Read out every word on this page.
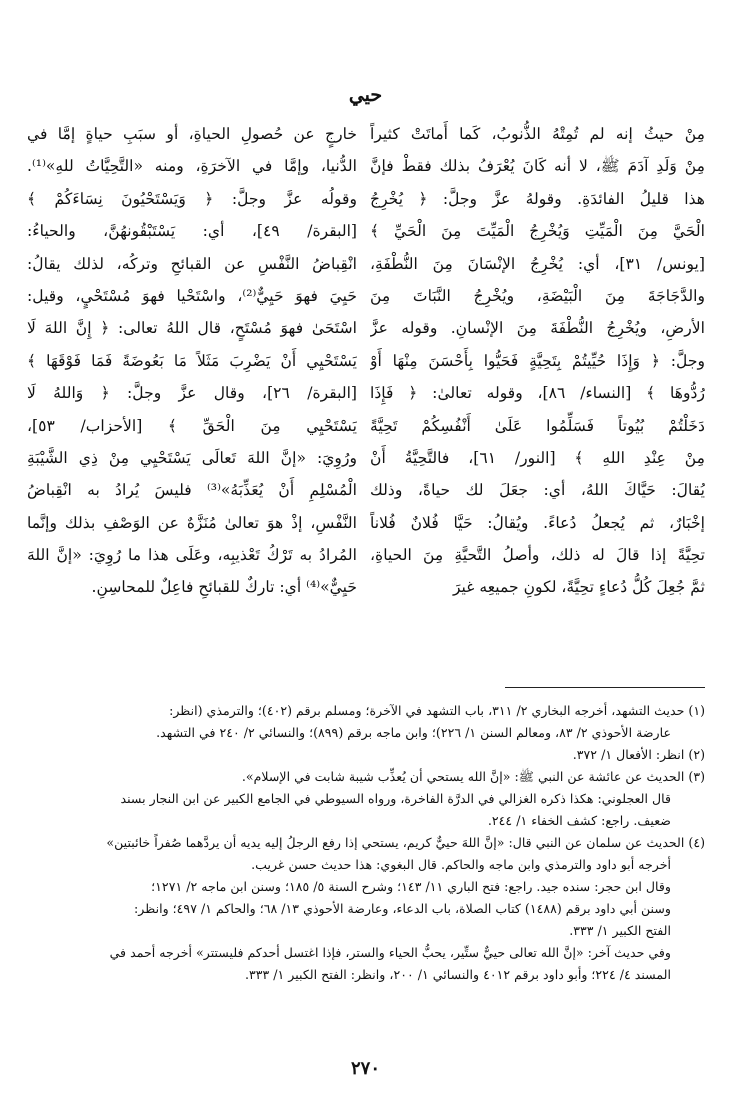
حيي
مِنْ حيثُ إنه لم تُمِتْهُ الذُّنوبُ، كَما أَماتَتْ كثيراً
مِنْ وَلَدِ آدَمَ ﷺ، لا أنه كَانَ يُعْرَفُ بذلك فقطْ فإنَّ
هذا قليلُ الفائدَةِ. وقولهُ عزَّ وجلَّ: ﴿ يُخْرِجُ
الْحَيَّ مِنَ الْمَيِّتِ وَيُخْرِجُ الْمَيِّتَ مِنَ الْحَيِّ ﴾
[يونس/ ٣١]، أي: يُخْرِجُ الإنْسَانَ مِنَ النُّطْفَةِ،
والدَّجَاجَةَ مِنَ الْبَيْضَةِ، ويُخْرِجُ النَّبَاتَ مِنَ
الأرضِ، ويُخْرِجُ النُّطْفَةَ مِنَ الإنْسانِ. وقوله عزَّ
وجلَّ: ﴿ وَإِذَا حُيِّيتُمْ بِتَحِيَّةٍ فَحَيُّوا بِأَحْسَنَ مِنْهَا أَوْ
رُدُّوهَا ﴾ [النساء/ ٨٦]، وقوله تعالىٰ: ﴿ فَإِذَا
دَخَلْتُمْ بُيُوتاً فَسَلِّمُوا عَلَىٰ أَنْفُسِكُمْ تَحِيَّةً
مِنْ عِنْدِ اللهِ ﴾ [النور/ ٦١]، فالتَّحِيَّةُ أَنْ
يُقالَ: حَيَّاكَ اللهُ، أي: جعَلَ لك حياةً، وذلك
إخْبَارٌ، ثم يُجعلُ دُعاءً. ويُقالُ: حَيَّا فُلانٌ فُلاناً
تحِيَّةً إذا قالَ له ذلك، وأصلُ التَّحيَّةِ مِنَ الحياةِ،
ثمَّ جُعِلَ كُلُّ دُعاءٍ تحِيَّةً، لكونِ جميعِه غيرَ
خارجٍ عن حُصولِ الحياةِ، أو سبَبِ حياةٍ إمَّا في
الدُّنيا، وإمَّا في الآخرَةِ، ومنه «التَّحِيَّاتُ للهِ»⁽¹⁾.
وقولُه عزَّ وجلَّ: ﴿ وَيَسْتَحْيُونَ نِسَاءَكُمْ ﴾
[البقرة/ ٤٩]، أي: يَسْتَبْقُونهُنَّ، والحياءُ:
انْقِباضُ النَّفْسِ عن القبائحِ وتركُه، لذلك يقالُ:
حَيِيَ فهوَ حَيِيٌّ⁽²⁾، واسْتَحْيا فهوَ مُسْتَحْيٍ، وقيل:
اسْتَحَىٰ فهوَ مُسْتَحٍ، قال اللهُ تعالى: ﴿ إِنَّ اللهَ لَا
يَسْتَحْيِي أَنْ يَضْرِبَ مَثَلاً مَا بَعُوضَةً فَمَا فَوْقَهَا ﴾
[البقرة/ ٢٦]، وقال عزَّ وجلَّ: ﴿ وَاللهُ لَا
يَسْتَحْيِي مِنَ الْحَقِّ ﴾ [الأحزاب/ ٥٣]،
ورُوِيَ: «إنَّ اللهَ تَعالَى يَسْتَحْيِي مِنْ ذِي الشَّيْبَةِ
الْمُسْلِمِ أَنْ يُعَذِّبَهُ»⁽³⁾ فليسَ يُرادُ به انْقِباضُ
النَّفْسِ، إذْ هوَ تعالىٰ مُنَزَّهٌ عن الوَصْفِ بذلك وإنَّما
المُرادُ به تَرْكُ تَعْذيبِه، وعَلَى هذا ما رُوِيَ: «إنَّ اللهَ
حَيِيٌّ»⁽⁴⁾ أي: تاركٌ للقبائحِ فاعِلٌ للمحاسِنِ.
(١) حديث التشهد، أخرجه البخاري ٢/ ٣١١، باب التشهد في الآخرة؛ ومسلم برقم (٤٠٢)؛ والترمذي (انظر:
عارضة الأحوذي ٢/ ٨٣، ومعالم السنن ١/ ٢٢٦)؛ وابن ماجه برقم (٨٩٩)؛ والنسائي ٢/ ٢٤٠ في التشهد.
(٢) انظر: الأفعال ١/ ٣٧٢.
(٣) الحديث عن عائشة عن النبي ﷺ: «إنَّ الله يستحي أن يُعذِّب شيبة شابت في الإسلام».
قال العجلوني: هكذا ذكره الغزالي في الدرَّة الفاخرة، ورواه السيوطي في الجامع الكبير عن ابن النجار بسند
ضعيف. راجع: كشف الخفاء ١/ ٢٤٤.
(٤) الحديث عن سلمان عن النبي قال: «إنَّ اللهَ حييٌّ كريم، يستحي إذا رفع الرجلُ إليه يديه أن يردَّهما صُفراً خائبتين»
أخرجه أبو داود والترمذي وابن ماجه والحاكم. قال البغوي: هذا حديث حسن غريب.
وقال ابن حجر: سنده جيد. راجع: فتح الباري ١١/ ١٤٣؛ وشرح السنة ٥/ ١٨٥؛ وسنن ابن ماجه ٢/ ١٢٧١؛
وسنن أبي داود برقم (١٤٨٨) كتاب الصلاة، باب الدعاء، وعارضة الأحوذي ١٣/ ٦٨؛ والحاكم ١/ ٤٩٧؛ وانظر:
الفتح الكبير ١/ ٣٣٣.
وفي حديث آخر: «إنَّ الله تعالى حييٌّ ستِّير، يحبُّ الحياء والستر، فإذا اغتسل أحدكم فليستتر» أخرجه أحمد في
المسند ٤/ ٢٢٤؛ وأبو داود برقم ٤٠١٢ والنسائي ١/ ٢٠٠، وانظر: الفتح الكبير ١/ ٣٣٣.
٢٧٠
